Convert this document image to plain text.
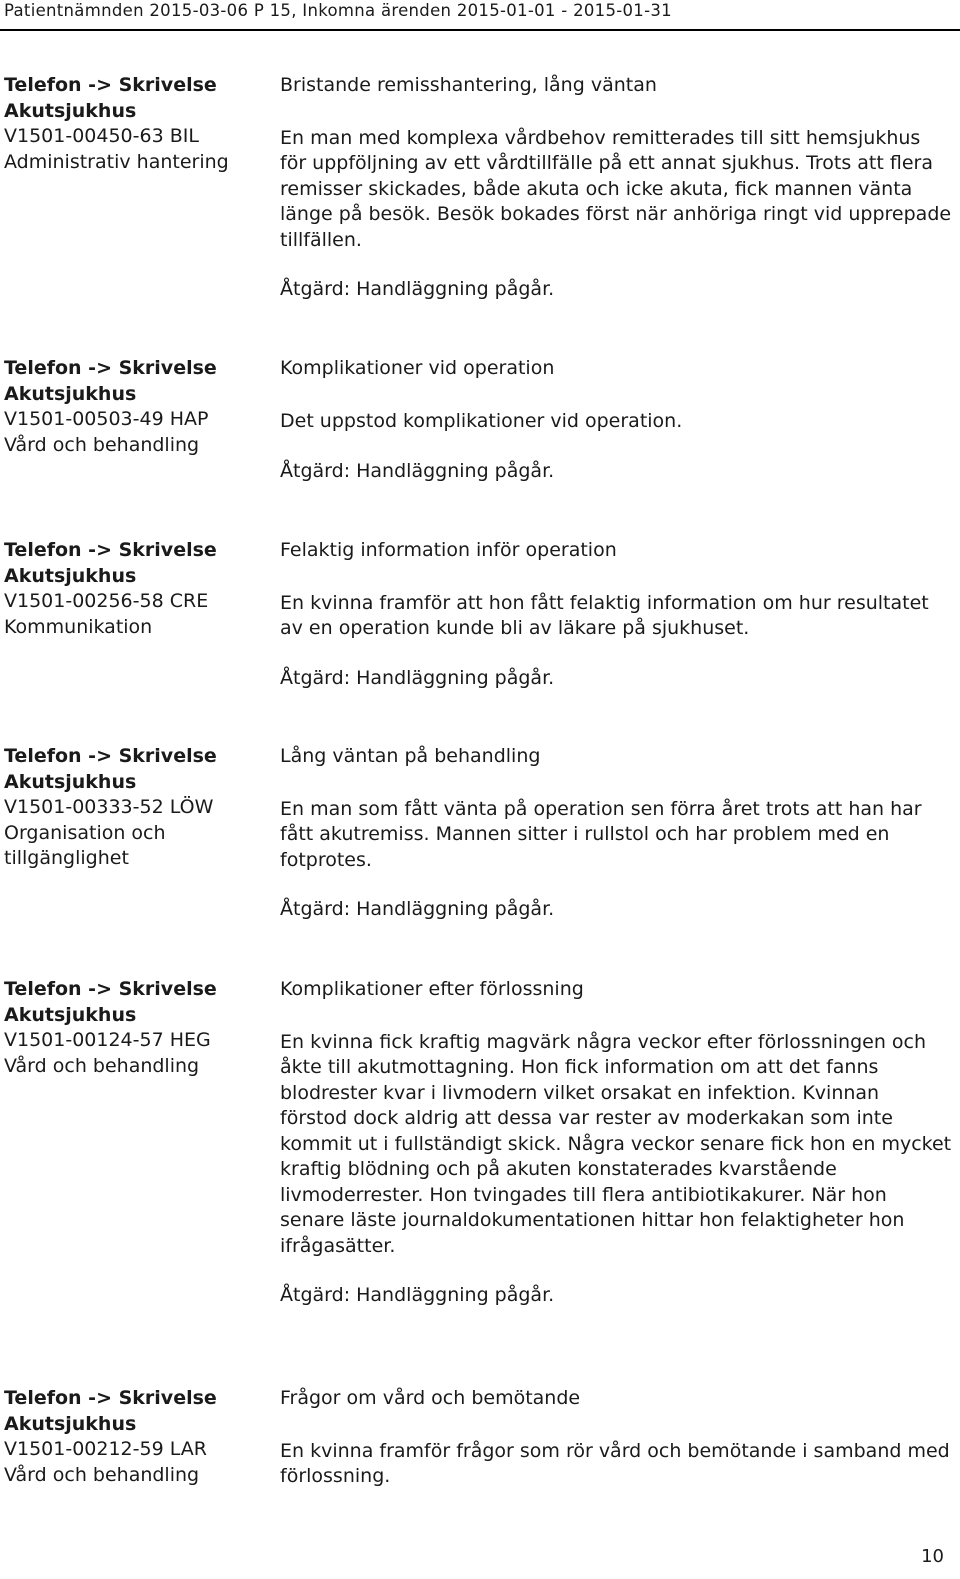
Patientnämnden 2015-03-06 P 15, Inkomna ärenden 2015-01-01 - 2015-01-31
Telefon -> Skrivelse
Akutsjukhus
V1501-00450-63 BIL
Administrativ hantering
Bristande remisshantering, lång väntan
En man med komplexa vårdbehov remitterades till sitt hemsjukhus för uppföljning av ett vårdtillfälle på ett annat sjukhus. Trots att flera remisser skickades, både akuta och icke akuta, fick mannen vänta länge på besök. Besök bokades först när anhöriga ringt vid upprepade tillfällen.
Åtgärd: Handläggning pågår.
Telefon -> Skrivelse
Akutsjukhus
V1501-00503-49 HAP
Vård och behandling
Komplikationer vid operation
Det uppstod komplikationer vid operation.
Åtgärd: Handläggning pågår.
Telefon -> Skrivelse
Akutsjukhus
V1501-00256-58 CRE
Kommunikation
Felaktig information inför operation
En kvinna framför att hon fått felaktig information om hur resultatet av en operation kunde bli av läkare på sjukhuset.
Åtgärd: Handläggning pågår.
Telefon -> Skrivelse
Akutsjukhus
V1501-00333-52 LÖW
Organisation och tillgänglighet
Lång väntan på behandling
En man som fått vänta på operation sen förra året trots att han har fått akutremiss. Mannen sitter i rullstol och har problem med en fotprotes.
Åtgärd: Handläggning pågår.
Telefon -> Skrivelse
Akutsjukhus
V1501-00124-57 HEG
Vård och behandling
Komplikationer efter förlossning
En kvinna fick kraftig magvärk några veckor efter förlossningen och åkte till akutmottagning. Hon fick information om att det fanns blodrester kvar i livmodern vilket orsakat en infektion. Kvinnan förstod dock aldrig att dessa var rester av moderkakan som inte kommit ut i fullständigt skick. Några veckor senare fick hon en mycket kraftig blödning och på akuten konstaterades kvarstående livmoderrester. Hon tvingades till flera antibiotikakurer. När hon senare läste journaldokumentationen hittar hon felaktigheter hon ifrågasätter.
Åtgärd: Handläggning pågår.
Telefon -> Skrivelse
Akutsjukhus
V1501-00212-59 LAR
Vård och behandling
Frågor om vård och bemötande
En kvinna framför frågor som rör vård och bemötande i samband med förlossning.
10
